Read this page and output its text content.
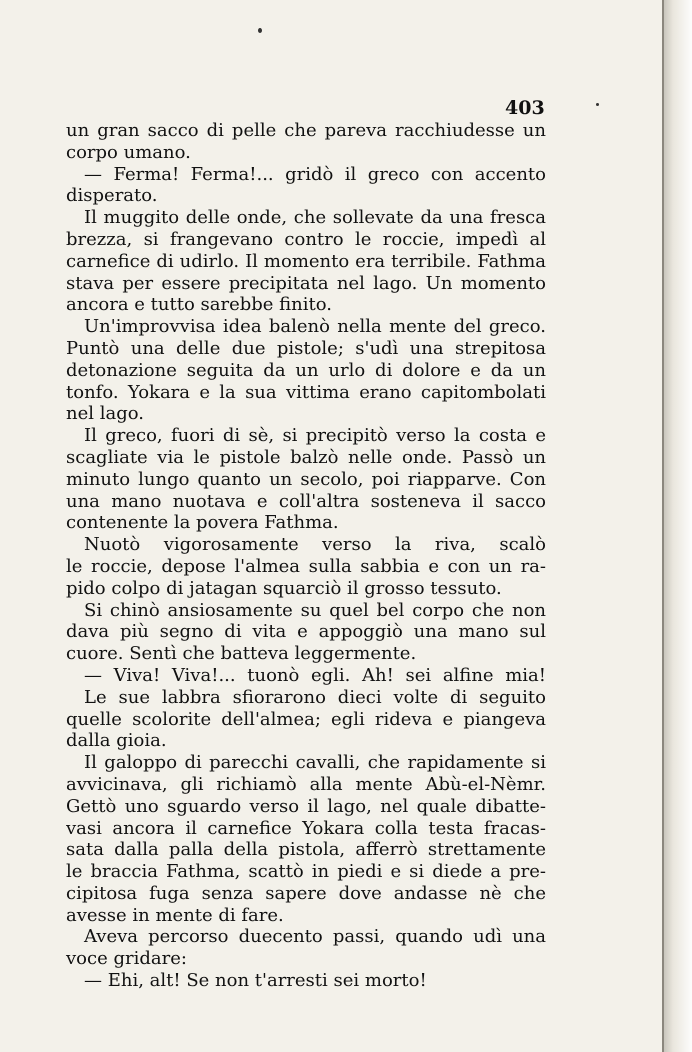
403
un gran sacco di pelle che pareva racchiudesse un
corpo umano.
— Ferma! Ferma!... gridò il greco con accento
disperato.
Il muggito delle onde, che sollevate da una fresca
brezza, si frangevano contro le roccie, impedì al
carnefice di udirlo. Il momento era terribile. Fathma
stava per essere precipitata nel lago. Un momento
ancora e tutto sarebbe finito.
Un'improvvisa idea balenò nella mente del greco.
Puntò una delle due pistole; s'udì una strepitosa
detonazione seguita da un urlo di dolore e da un
tonfo. Yokara e la sua vittima erano capitombolati
nel lago.
Il greco, fuori di sè, si precipitò verso la costa e
scagliate via le pistole balzò nelle onde. Passò un
minuto lungo quanto un secolo, poi riapparve. Con
una mano nuotava e coll'altra sosteneva il sacco
contenente la povera Fathma.
Nuotò vigorosamente verso la riva, scalò
le roccie, depose l'almea sulla sabbia e con un ra-
pido colpo di jatagan squarciò il grosso tessuto.
Si chinò ansiosamente su quel bel corpo che non
dava più segno di vita e appoggiò una mano sul
cuore. Sentì che batteva leggermente.
— Viva! Viva!... tuonò egli. Ah! sei alfine mia!
Le sue labbra sfiorarono dieci volte di seguito
quelle scolorite dell'almea; egli rideva e piangeva
dalla gioia.
Il galoppo di parecchi cavalli, che rapidamente si
avvicinava, gli richiamò alla mente Abù-el-Nèmr.
Gettò uno sguardo verso il lago, nel quale dibatte-
vasi ancora il carnefice Yokara colla testa fracas-
sata dalla palla della pistola, afferrò strettamente
le braccia Fathma, scattò in piedi e si diede a pre-
cipitosa fuga senza sapere dove andasse nè che
avesse in mente di fare.
Aveva percorso duecento passi, quando udì una
voce gridare:
— Ehi, alt! Se non t'arresti sei morto!
